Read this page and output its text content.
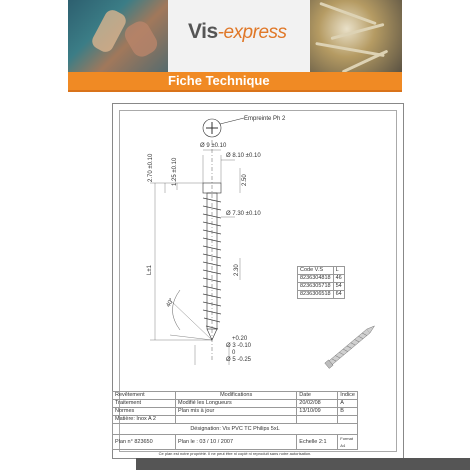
Vis-express
Fiche Technique
Empreinte Ph 2
Ø 9 ±0.10
Ø 8.10 ±0.10
Ø 7.30 ±0.10
2.70 ±0.10	1.25 ±0.10	2.50
2.30
L±1
40°
+0.20
Ø 3 -0.10
0
Ø 5 -0.25
Code V.S	L
8236304818	46
8236305718	54
8236306518	64
Revêtement	Modifications	Date	Indice
Traitement	Modifié les Longueurs	20/02/08	A
Normes	Plan mis à jour	13/10/09	B
Matière: Inox A 2			
Désignation: Vis PVC TC Philips 5xL			
Plan n° 823650	Plan le : 03 / 10 / 2007	Echelle 2:1	Format A4
Ce plan est notre propriété. Il ne peut être ni copié ni reproduit sans notre autorisation.			
